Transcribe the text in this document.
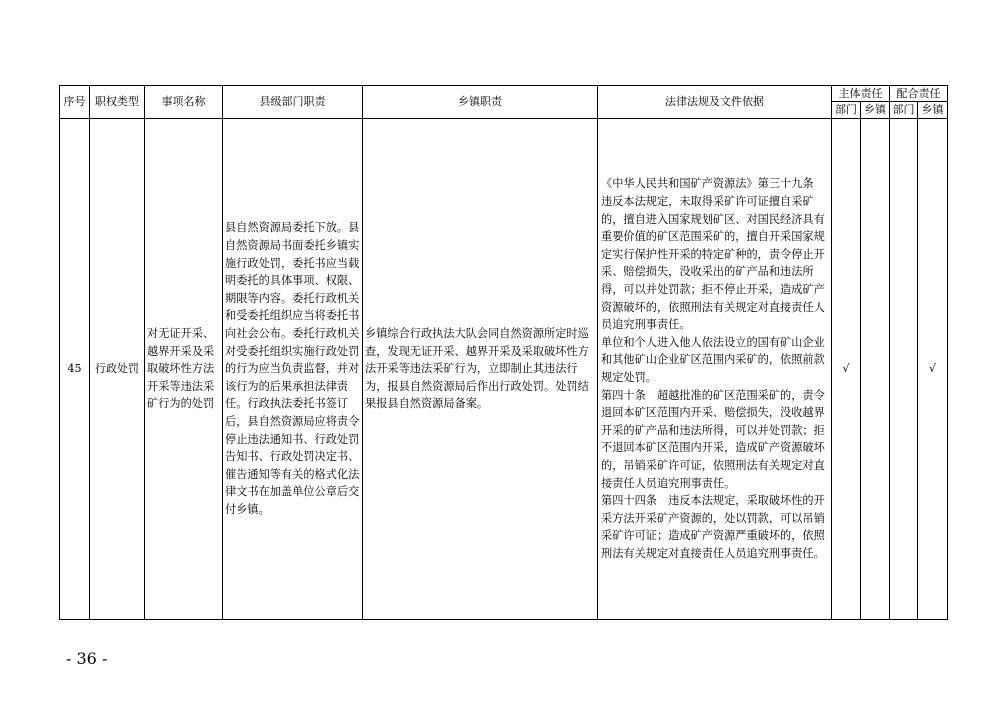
序号	职权类型	事项名称	县级部门职责	乡镇职责	法律法规及文件依据	主体责任		配合责任	
						部门	乡镇	部门	乡镇
45	行政处罚	对无证开采、越界开采及采取破坏性方法开采等违法采矿行为的处罚	县自然资源局委托下放。县自然资源局书面委托乡镇实施行政处罚，委托书应当载明委托的具体事项、权限、期限等内容。委托行政机关和受委托组织应当将委托书向社会公布。委托行政机关对受委托组织实施行政处罚的行为应当负责监督，并对该行为的后果承担法律责任。行政执法委托书签订后，县自然资源局应将责令停止违法通知书、行政处罚告知书、行政处罚决定书、催告通知等有关的格式化法律文书在加盖单位公章后交付乡镇。	乡镇综合行政执法大队会同自然资源所定时巡查，发现无证开采、越界开采及采取破坏性方法开采等违法采矿行为，立即制止其违法行为，报县自然资源局后作出行政处罚。处罚结果报县自然资源局备案。	《中华人民共和国矿产资源法》第三十九条 违反本法规定，未取得采矿许可证擅自采矿的，擅自进入国家规划矿区、对国民经济具有重要价值的矿区范围采矿的，擅自开采国家规定实行保护性开采的特定矿种的，责令停止开采、赔偿损失，没收采出的矿产品和违法所得，可以并处罚款；拒不停止开采，造成矿产资源破坏的，依照刑法有关规定对直接责任人员追究刑事责任。

单位和个人进入他人依法设立的国有矿山企业和其他矿山企业矿区范围内采矿的，依照前款规定处罚。

第四十条　超越批准的矿区范围采矿的，责令退回本矿区范围内开采、赔偿损失，没收越界开采的矿产品和违法所得，可以并处罚款；拒不退回本矿区范围内开采，造成矿产资源破坏的，吊销采矿许可证，依照刑法有关规定对直接责任人员追究刑事责任。

第四十四条　违反本法规定，采取破坏性的开采方法开采矿产资源的，处以罚款，可以吊销采矿许可证；造成矿产资源严重破坏的，依照刑法有关规定对直接责任人员追究刑事责任。	√			√
- 36 -
